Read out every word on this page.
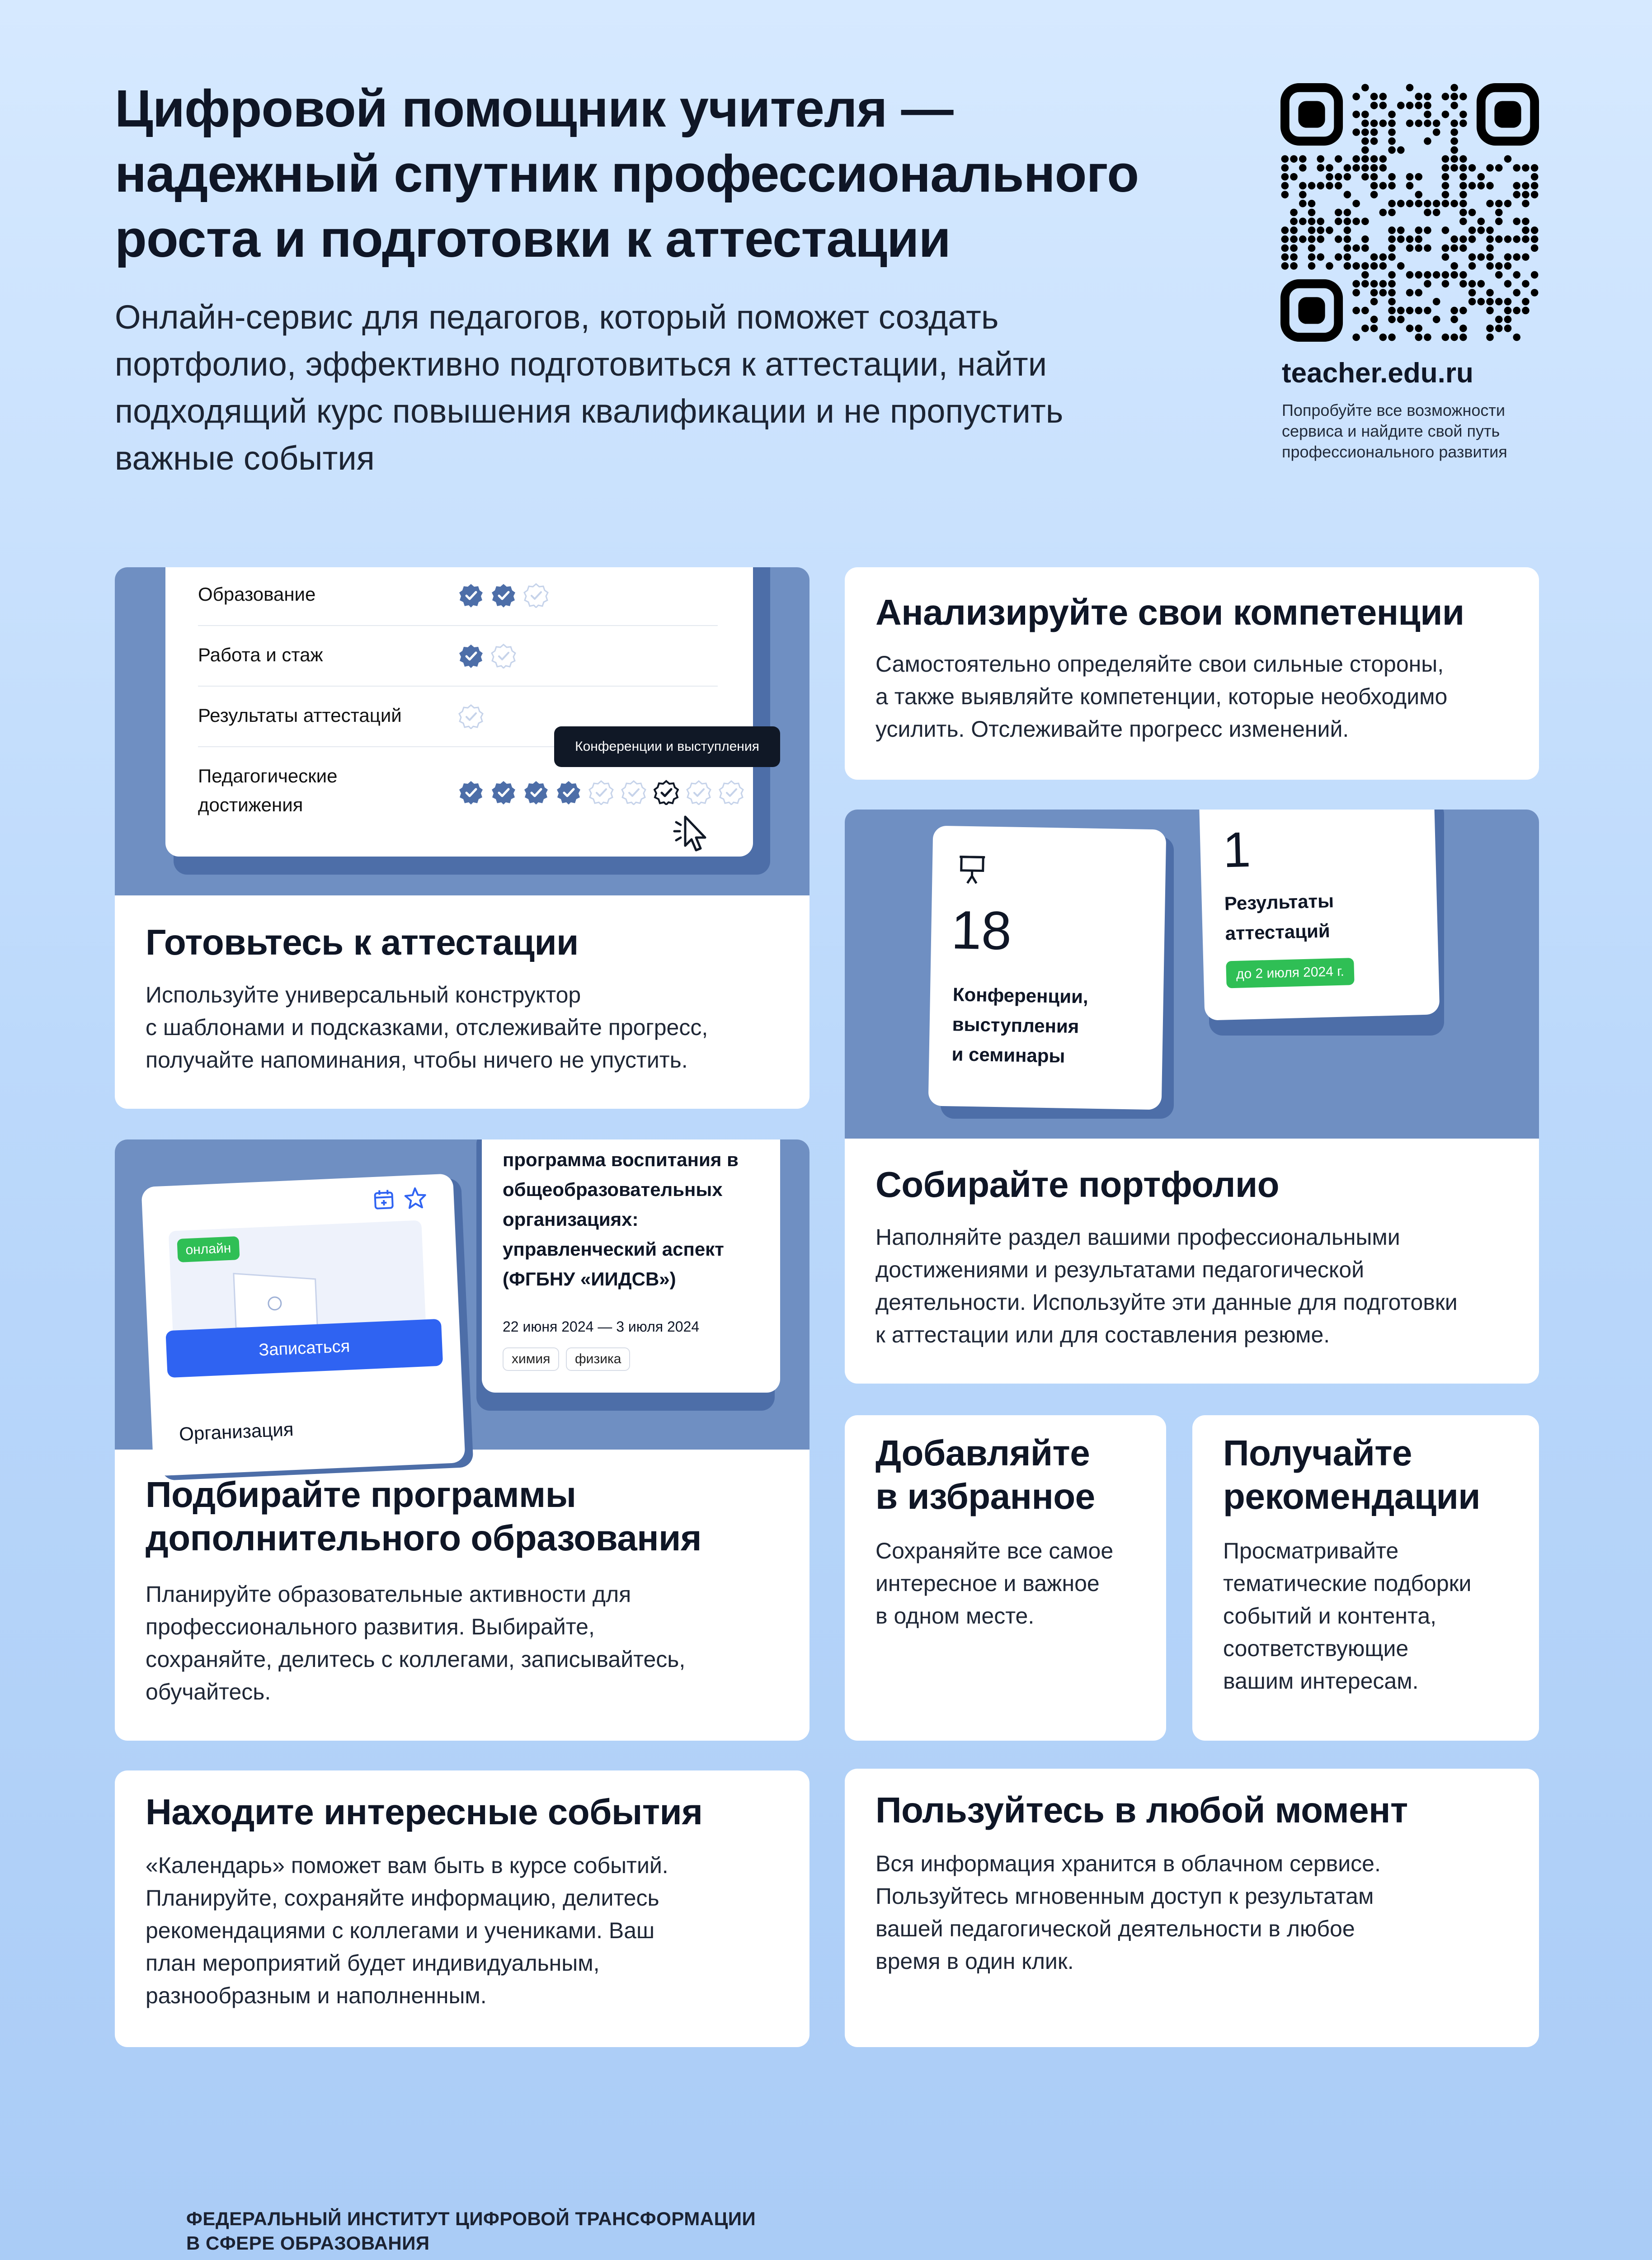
Цифровой помощник учителя —
надежный спутник профессионального
роста и подготовки к аттестации
Онлайн-сервис для педагогов, который поможет создать
портфолио, эффективно подготовиться к аттестации, найти
подходящий курс повышения квалификации и не пропустить
важные события
teacher.edu.ru
Попробуйте все возможности
сервиса и найдите свой путь
профессионального развития
Образование
Работа и стаж
Результаты аттестаций
Педагогические
достижения
Конференции и выступления
Готовьтесь к аттестации

Используйте универсальный конструктор
с шаблонами и подсказками, отслеживайте прогресс,
получайте напоминания, чтобы ничего не упустить.

Анализируйте свои компетенции

Самостоятельно определяйте свои сильные стороны,
а также выявляйте компетенции, которые необходимо
усилить. Отслеживайте прогресс изменений.

18
Конференции,
выступления
и семинары
1
Результаты
аттестаций
до 2 июля 2024 г.
Собирайте портфолио

Наполняйте раздел вашими профессиональными
достижениями и результатами педагогической
деятельности. Используйте эти данные для подготовки
к аттестации или для составления резюме.

онлайн
Записаться
Организация
программа воспитания в
общеобразовательных
организациях:
управленческий аспект
(ФГБНУ «ИИДСВ»)
22 июня 2024 — 3 июля 2024
химия	физика
Подбирайте программы
дополнительного образования

Планируйте образовательные активности для
профессионального развития. Выбирайте,
сохраняйте, делитесь с коллегами, записывайтесь,
обучайтесь.

Добавляйте
в избранное

Сохраняйте все самое
интересное и важное
в одном месте.

Получайте
рекомендации

Просматривайте
тематические подборки
событий и контента,
соответствующие
вашим интересам.

Находите интересные события

«Календарь» поможет вам быть в курсе событий.
Планируйте, сохраняйте информацию, делитесь
рекомендациями с коллегами и учениками. Ваш
план мероприятий будет индивидуальным,
разнообразным и наполненным.

Пользуйтесь в любой момент

Вся информация хранится в облачном сервисе.
Пользуйтесь мгновенным доступ к результатам
вашей педагогической деятельности в любое
время в один клик.

ФЕДЕРАЛЬНЫЙ ИНСТИТУТ ЦИФРОВОЙ ТРАНСФОРМАЦИИ
В СФЕРЕ ОБРАЗОВАНИЯ
